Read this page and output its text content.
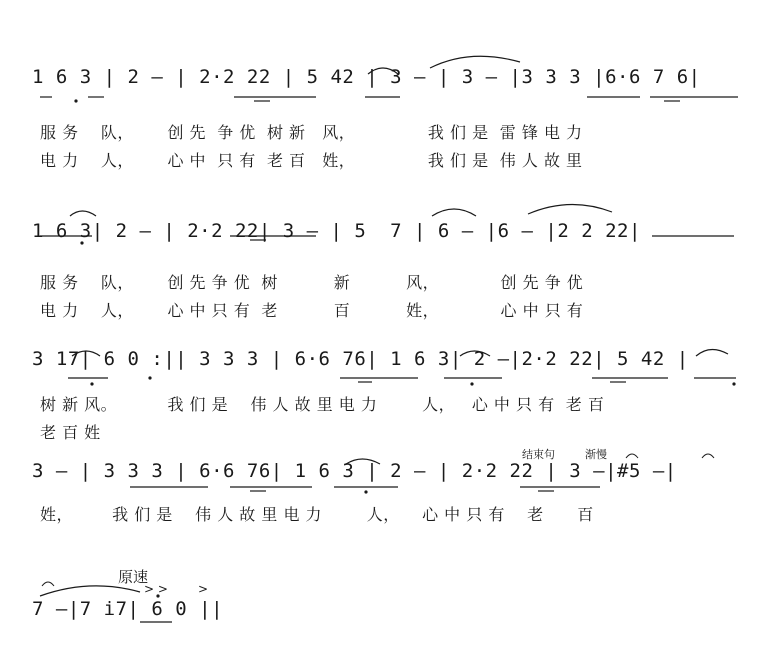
1 6 3 | 2 — | 2·2 22 | 5 42 | 3 — | 3 — |3 3 3 |6·6 7 6|
服 务    队，      创 先  争 优  树 新   风，             我 们 是  雷 锋 电 力
电 力    人，      心 中  只 有  老 百   姓，             我 们 是  伟 人 故 里
1 6 3| 2 — | 2·2 22| 3 — | 5  7 | 6 — |6 — |2 2 22|
服 务    队，      创 先 争 优  树          新          风，           创 先 争 优
电 力    人，      心 中 只 有  老          百          姓，           心 中 只 有
3 17| 6 0 :|| 3 3 3 | 6·6 76| 1 6 3| 2 —|2·2 22| 5 42 |
树 新 风。         我 们 是    伟 人 故 里 电 力        人，   心 中 只 有  老 百
老 百 姓
结束句	渐慢
3 — | 3 3 3 | 6·6 76| 1 6 3 | 2 — | 2·2 22 | 3 —|#5 —|
姓，       我 们 是    伟 人 故 里 电 力        人，    心 中 只 有    老      百
原速
> >	>
7 —|7 i7| 6 0 ||
